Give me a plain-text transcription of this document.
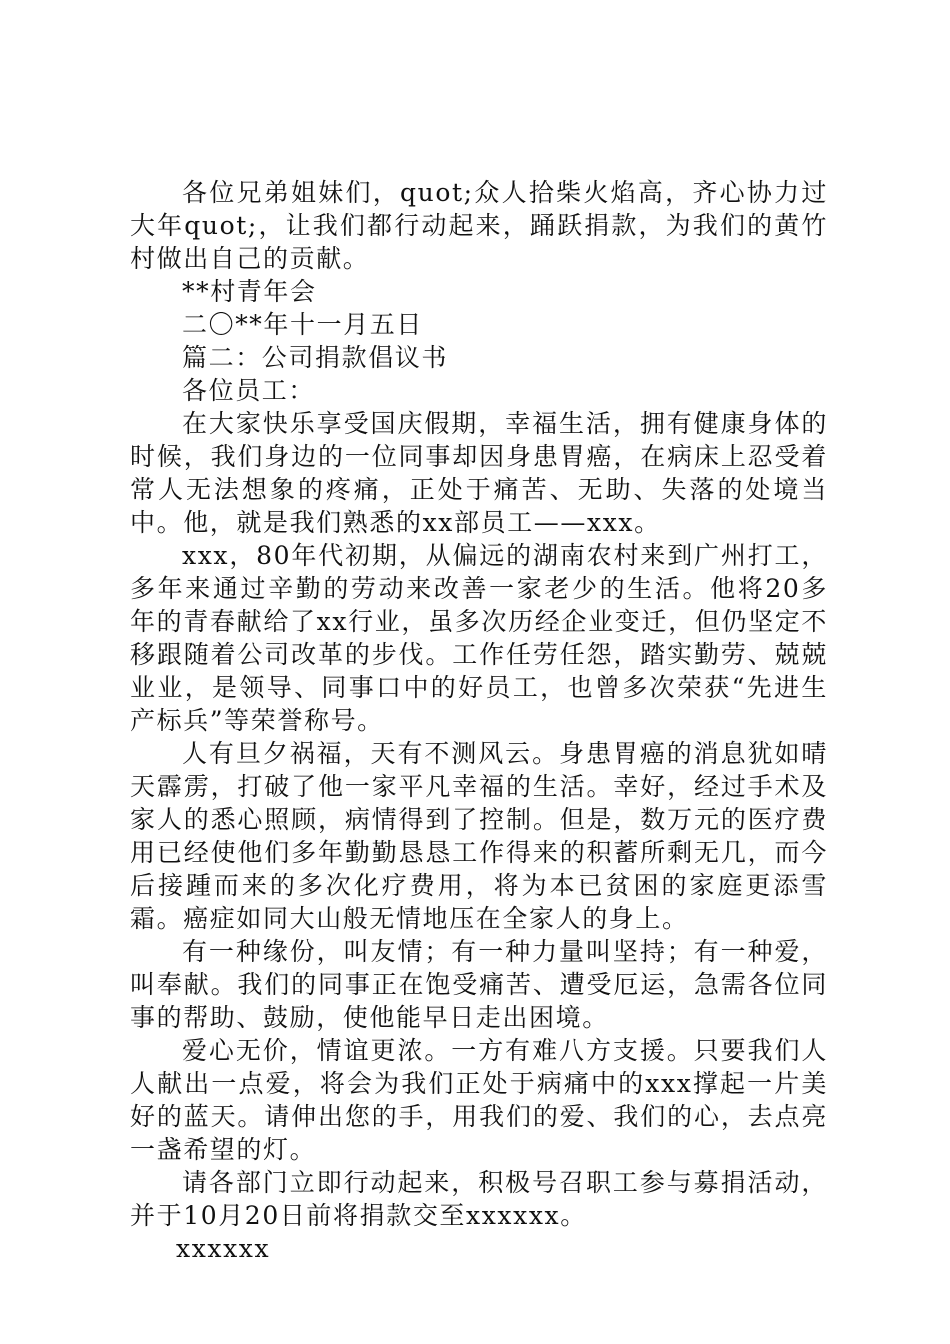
各位兄弟姐妹们，quot;众人拾柴火焰高，齐心协力过大年quot;，让我们都行动起来，踊跃捐款，为我们的黄竹村做出自己的贡献。

**村青年会

二〇**年十一月五日

篇二：公司捐款倡议书

各位员工：

在大家快乐享受国庆假期，幸福生活，拥有健康身体的时候，我们身边的一位同事却因身患胃癌，在病床上忍受着常人无法想象的疼痛，正处于痛苦、无助、失落的处境当中。他，就是我们熟悉的xx部员工——xxx。

xxx，80年代初期，从偏远的湖南农村来到广州打工，多年来通过辛勤的劳动来改善一家老少的生活。他将20多年的青春献给了xx行业，虽多次历经企业变迁，但仍坚定不移跟随着公司改革的步伐。工作任劳任怨，踏实勤劳、兢兢业业，是领导、同事口中的好员工，也曾多次荣获“先进生产标兵”等荣誉称号。

人有旦夕祸福，天有不测风云。身患胃癌的消息犹如晴天霹雳，打破了他一家平凡幸福的生活。幸好，经过手术及家人的悉心照顾，病情得到了控制。但是，数万元的医疗费用已经使他们多年勤勤恳恳工作得来的积蓄所剩无几，而今后接踵而来的多次化疗费用，将为本已贫困的家庭更添雪霜。癌症如同大山般无情地压在全家人的身上。

有一种缘份，叫友情；有一种力量叫坚持；有一种爱，叫奉献。我们的同事正在饱受痛苦、遭受厄运，急需各位同事的帮助、鼓励，使他能早日走出困境。

爱心无价，情谊更浓。一方有难八方支援。只要我们人人献出一点爱，将会为我们正处于病痛中的xxx撑起一片美好的蓝天。请伸出您的手，用我们的爱、我们的心，去点亮一盏希望的灯。

请各部门立即行动起来，积极号召职工参与募捐活动，并于10月20日前将捐款交至xxxxxx。

xxxxxx
